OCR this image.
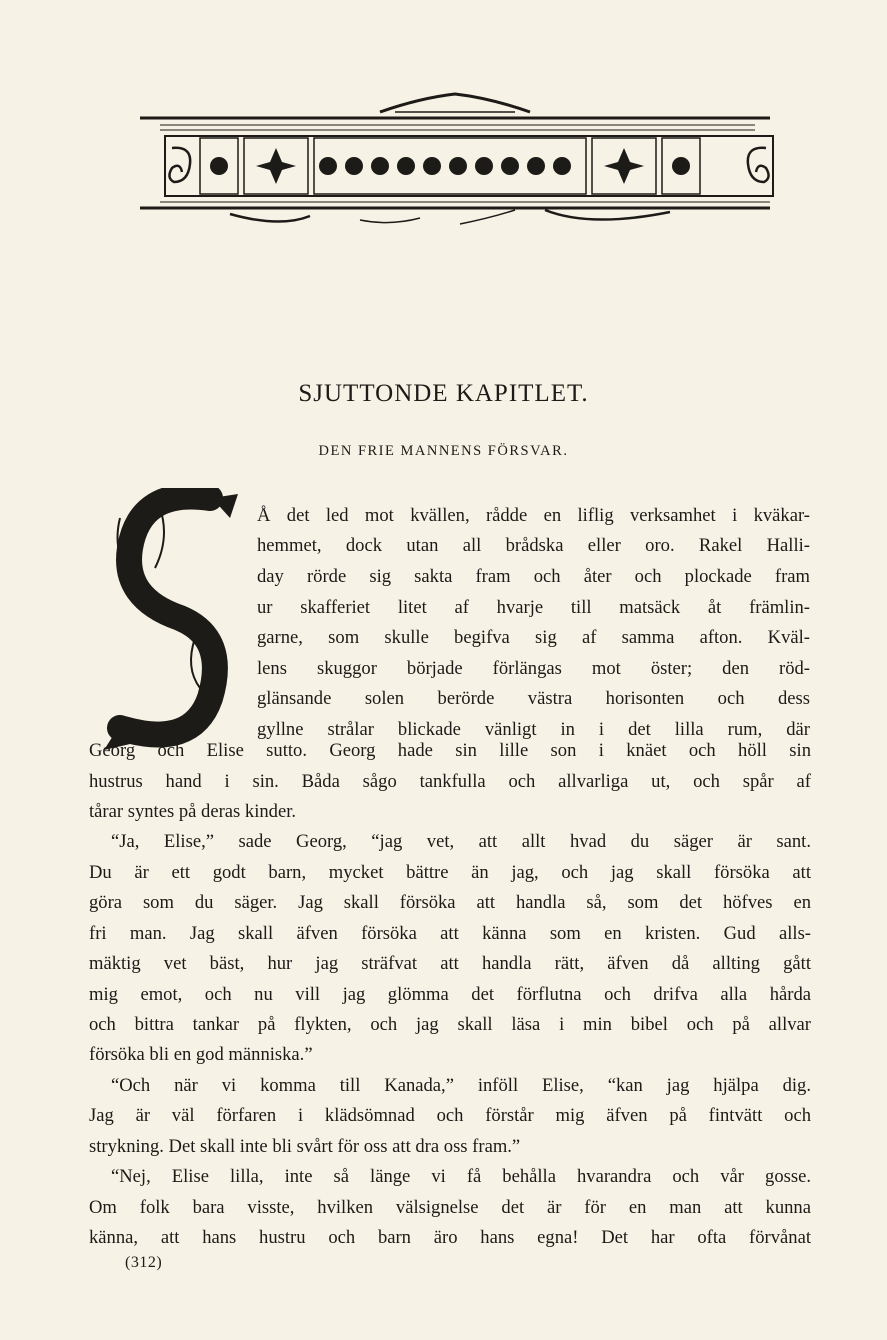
SJUTTONDE KAPITLET.
DEN FRIE MANNENS FÖRSVAR.
Å det led mot kvällen, rådde en liflig verksamhet i kväkar-
hemmet, dock utan all brådska eller oro. Rakel Halli-
day rörde sig sakta fram och åter och plockade fram
ur skafferiet litet af hvarje till matsäck åt främlin-
garne, som skulle begifva sig af samma afton. Kväl-
lens skuggor började förlängas mot öster; den röd-
glänsande solen berörde västra horisonten och dess
gyllne strålar blickade vänligt in i det lilla rum, där
Georg och Elise sutto. Georg hade sin lille son i knäet och höll sin
hustrus hand i sin. Båda sågo tankfulla och allvarliga ut, och spår af
tårar syntes på deras kinder.
“Ja, Elise,” sade Georg, “jag vet, att allt hvad du säger är sant.
Du är ett godt barn, mycket bättre än jag, och jag skall försöka att
göra som du säger. Jag skall försöka att handla så, som det höfves en
fri man. Jag skall äfven försöka att känna som en kristen. Gud alls-
mäktig vet bäst, hur jag sträfvat att handla rätt, äfven då allting gått
mig emot, och nu vill jag glömma det förflutna och drifva alla hårda
och bittra tankar på flykten, och jag skall läsa i min bibel och på allvar
försöka bli en god människa.”
“Och när vi komma till Kanada,” inföll Elise, “kan jag hjälpa dig.
Jag är väl förfaren i klädsömnad och förstår mig äfven på fintvätt och
strykning. Det skall inte bli svårt för oss att dra oss fram.”
“Nej, Elise lilla, inte så länge vi få behålla hvarandra och vår gosse.
Om folk bara visste, hvilken välsignelse det är för en man att kunna
känna, att hans hustru och barn äro hans egna! Det har ofta förvånat
(312)
